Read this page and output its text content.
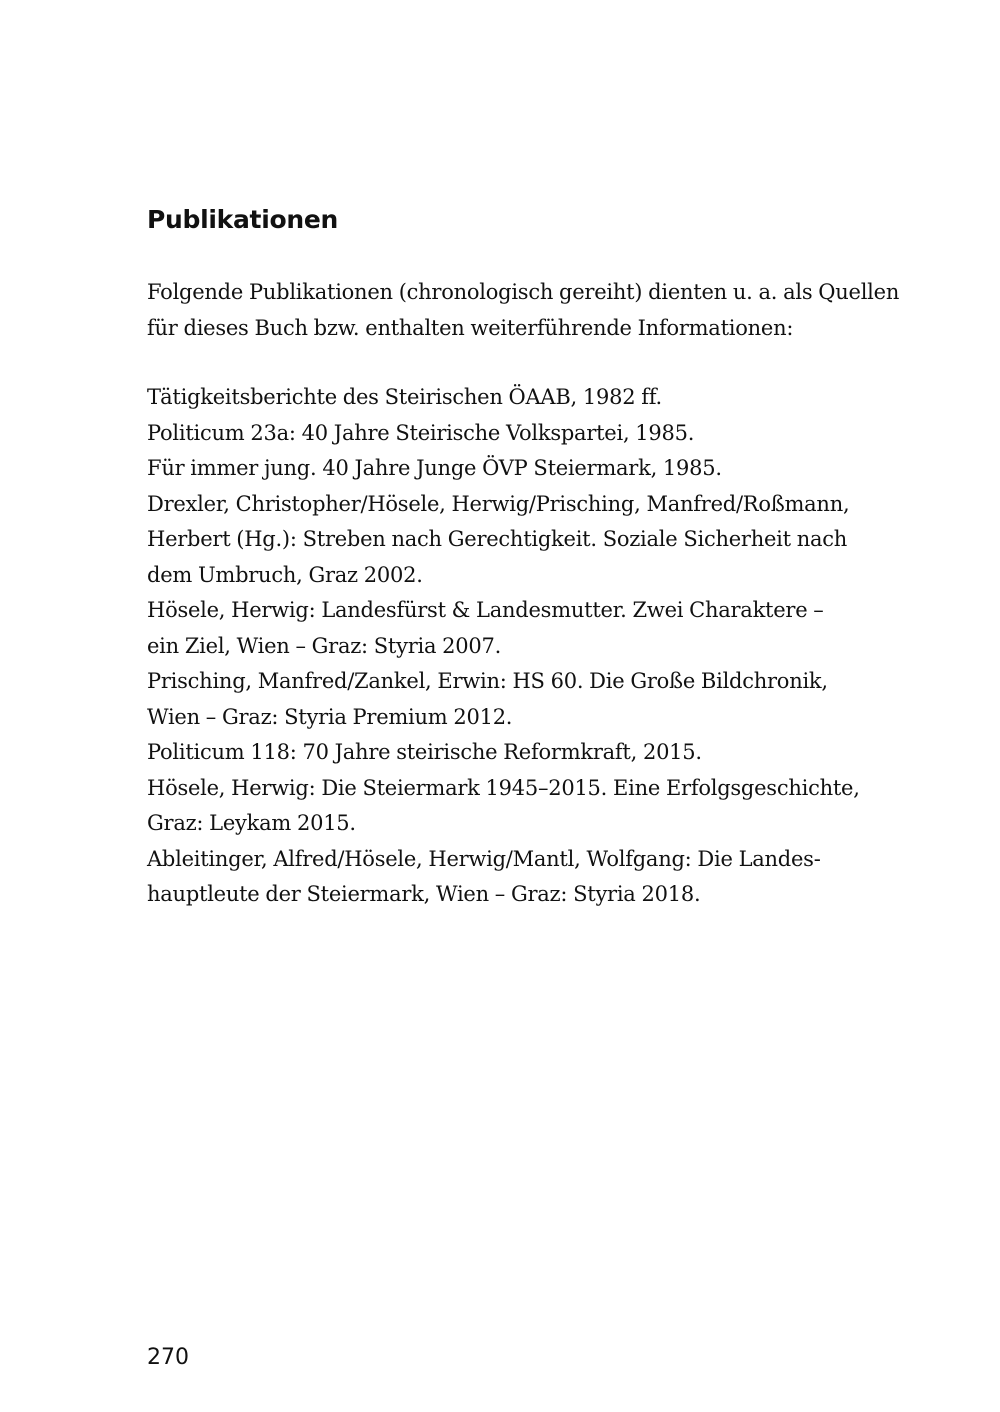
Publikationen
Folgende Publikationen (chronologisch gereiht) dienten u. a. als Quellen
für dieses Buch bzw. enthalten weiterführende Informationen:
Tätigkeitsberichte des Steirischen ÖAAB, 1982 ff.
Politicum 23a: 40 Jahre Steirische Volkspartei, 1985.
Für immer jung. 40 Jahre Junge ÖVP Steiermark, 1985.
Drexler, Christopher/Hösele, Herwig/Prisching, Manfred/Roßmann,
Herbert (Hg.): Streben nach Gerechtigkeit. Soziale Sicherheit nach
dem Umbruch, Graz 2002.
Hösele, Herwig: Landesfürst & Landesmutter. Zwei Charaktere –
ein Ziel, Wien – Graz: Styria 2007.
Prisching, Manfred/Zankel, Erwin: HS 60. Die Große Bildchronik,
Wien – Graz: Styria Premium 2012.
Politicum 118: 70 Jahre steirische Reformkraft, 2015.
Hösele, Herwig: Die Steiermark 1945–2015. Eine Erfolgsgeschichte,
Graz: Leykam 2015.
Ableitinger, Alfred/Hösele, Herwig/Mantl, Wolfgang: Die Landes-
hauptleute der Steiermark, Wien – Graz: Styria 2018.
270
